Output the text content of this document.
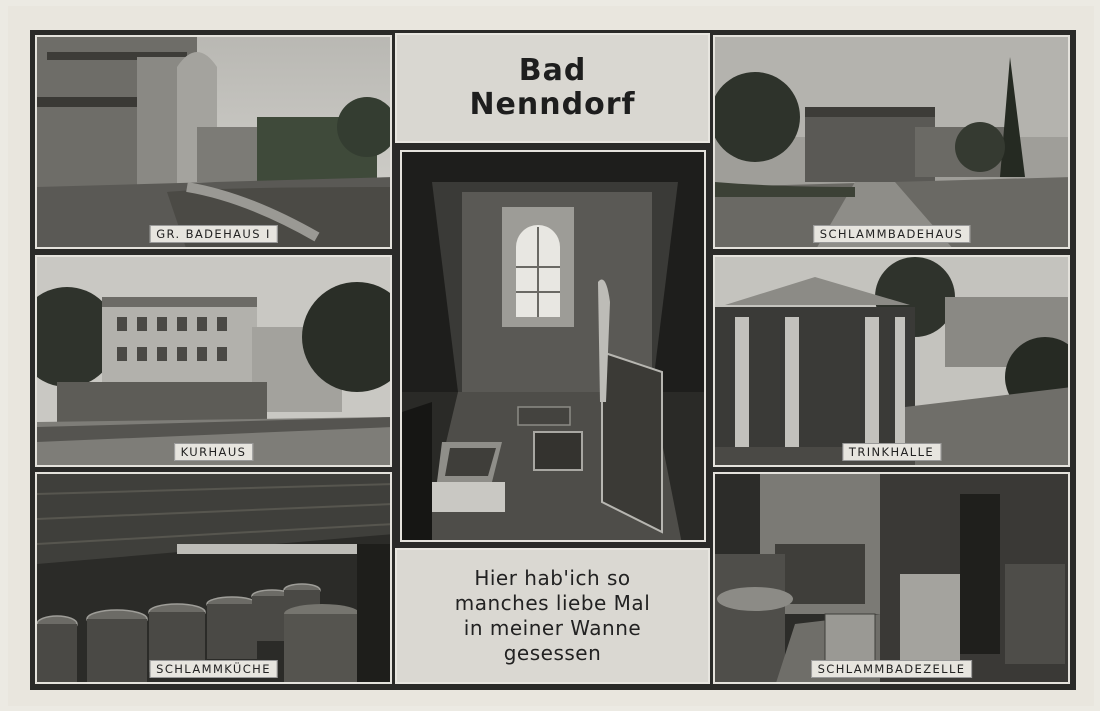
GR. BADEHAUS I
Bad
Nenndorf
SCHLAMMBADEHAUS
KURHAUS	TRINKHALLE
SCHLAMMKÜCHE
Hier hab'ich so
manches liebe Mal
in meiner Wanne
gesessen
SCHLAMMBADEZELLE
